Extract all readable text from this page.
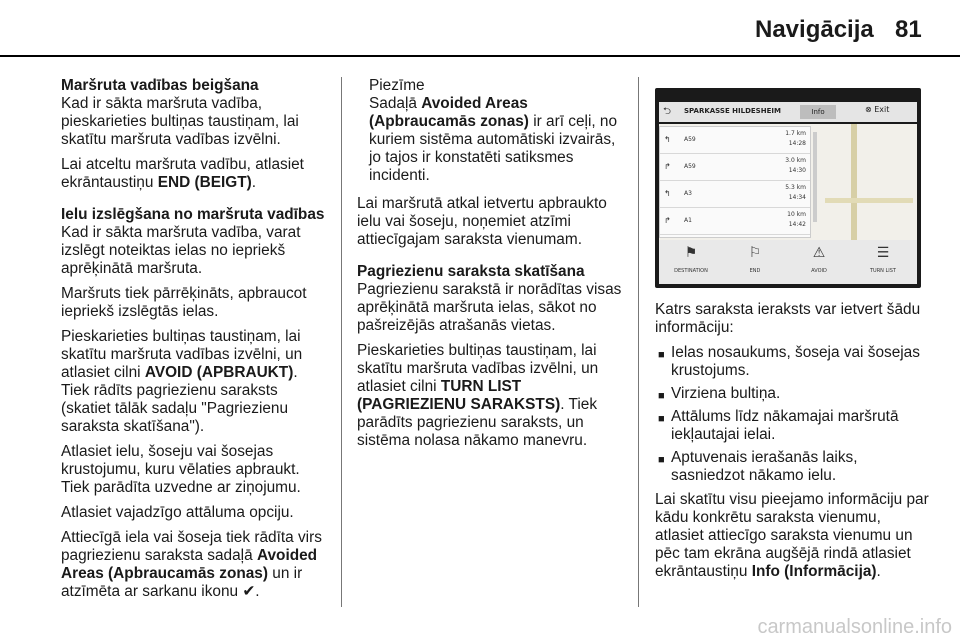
Navigācija 81
Maršruta vadības beigšana

Kad ir sākta maršruta vadība, pieskarieties bultiņas taustiņam, lai skatītu maršruta vadības izvēlni.

Lai atceltu maršruta vadību, atlasiet ekrāntaustiņu END (BEIGT).

Ielu izslēgšana no maršruta vadības

Kad ir sākta maršruta vadība, varat izslēgt noteiktas ielas no iepriekš aprēķinātā maršruta.

Maršruts tiek pārrēķināts, apbraucot iepriekš izslēgtās ielas.

Pieskarieties bultiņas taustiņam, lai skatītu maršruta vadības izvēlni, un atlasiet cilni AVOID (APBRAUKT). Tiek rādīts pagriezienu saraksts (skatiet tālāk sadaļu "Pagriezienu saraksta skatīšana").

Atlasiet ielu, šoseju vai šosejas krustojumu, kuru vēlaties apbraukt. Tiek parādīta uzvedne ar ziņojumu.

Atlasiet vajadzīgo attāluma opciju.

Attiecīgā iela vai šoseja tiek rādīta virs pagriezienu saraksta sadaļā Avoided Areas (Apbraucamās zonas) un ir atzīmēta ar sarkanu ikonu ✔.

Piezīme
Sadaļā Avoided Areas (Apbraucamās zonas) ir arī ceļi, no kuriem sistēma automātiski izvairās, jo tajos ir konstatēti satiksmes incidenti.

Lai maršrutā atkal ietvertu apbraukto ielu vai šoseju, noņemiet atzīmi attiecīgajam saraksta vienumam.

Pagriezienu saraksta skatīšana

Pagriezienu sarakstā ir norādītas visas aprēķinātā maršruta ielas, sākot no pašreizējās atrašanās vietas.

Pieskarieties bultiņas taustiņam, lai skatītu maršruta vadības izvēlni, un atlasiet cilni TURN LIST (PAGRIEZIENU SARAKSTS). Tiek parādīts pagriezienu saraksts, un sistēma nolasa nākamo manevru.

⮌ SPARKASSE HILDESHEIM	Info	⊗ Exit
↰ A59
1.7 km
14:28
↱ A59
3.0 km
14:30
↰ A3
5.3 km
14:34
↱ A1
10 km
14:42
⚑
DESTINATION
⚐
END
⚠
AVOID
☰
TURN LIST

Katrs saraksta ieraksts var ietvert šādu informāciju:

■ Ielas nosaukums, šoseja vai šosejas krustojums.
■ Virziena bultiņa.
■ Attālums līdz nākamajai maršrutā iekļautajai ielai.
■ Aptuvenais ierašanās laiks, sasniedzot nākamo ielu.

Lai skatītu visu pieejamo informāciju par kādu konkrētu saraksta vienumu, atlasiet attiecīgo saraksta vienumu un pēc tam ekrāna augšējā rindā atlasiet ekrāntaustiņu Info (Informācija).

carmanualsonline.info
